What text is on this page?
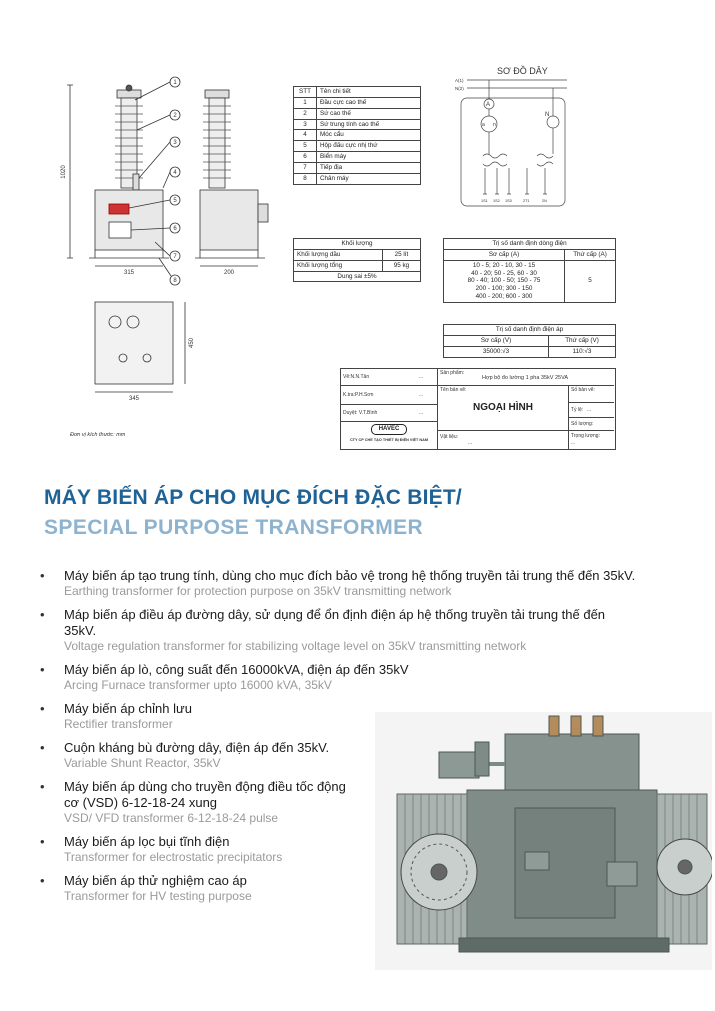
1
2
3
4
5
6
7
8
1020
315	200
345
450
Đơn vị kích thước: mm
STT	Tên chi tiết
1	Đầu cực cao thế
2	Sứ cao thế
3	Sứ trung tính cao thế
4	Móc cẩu
5	Hộp đấu cực nhị thứ
6	Biển máy
7	Tiếp địa
8	Chân máy
Khối lượng	
Khối lượng dầu	25 lít
Khối lượng tổng	95 kg
Dung sai ±5%	
SƠ ĐỒ DÂY
A(1)
N(2)
A
N
a n
1S1 1S2 1S3	2T1	2N
Trị số danh định dòng điện	
Sơ cấp (A)	Thứ cấp (A)

10 - 5; 20 - 10, 30 - 15
40 - 20; 50 - 25, 60 - 30
80 - 40; 100 - 50; 150 - 75
200 - 100; 300 - 150
400 - 200; 600 - 300	5
Trị số danh định điện áp	
Sơ cấp (V)	Thứ cấp (V)
35000:√3	110:√3
Vẽ:N.N.Tân	...
K.tra:P.H.Sơn	...
Duyệt: V.T.Bình	...
HAVEC
CTY CP CHẾ TẠO THIẾT BỊ ĐIỆN VIỆT NAM
Sản phẩm:
Hợp bộ đo lường 1 pha 35kV 25VA
Tên bản vẽ:
NGOẠI HÌNH
Số bản vẽ:
Tỷ lệ: ...
Số lượng:
Vật liệu:
...
Trọng lượng:
...
MÁY BIẾN ÁP CHO MỤC ĐÍCH ĐẶC BIỆT/
SPECIAL PURPOSE TRANSFORMER
• Máy biến áp tạo trung tính, dùng cho mục đích bảo vệ trong hệ thống truyền tải trung thế đến 35kV.
Earthing transformer for protection purpose on 35kV transmitting network
• Máp biến áp điều áp đường dây, sử dụng để ổn định điện áp hệ thống truyền tải trung thế đến 35kV.
Voltage regulation transformer for stabilizing voltage level on 35kV transmitting network
• Máy biến áp lò, công suất đến 16000kVA, điện áp đến 35kV
Arcing Furnace transformer upto 16000 kVA, 35kV
• Máy biến áp chỉnh lưu
Rectifier transformer
• Cuộn kháng bù đường dây, điện áp đến 35kV.
Variable Shunt Reactor, 35kV
• Máy biến áp dùng cho truyền động điều tốc động cơ (VSD) 6-12-18-24 xung
VSD/ VFD transformer 6-12-18-24 pulse
• Máy biến áp lọc bụi tĩnh điện
Transformer for electrostatic precipitators
• Máy biến áp thử nghiệm cao áp
Transformer for HV testing purpose
HAVEC - PRODUCT CATALOGUE | 17
